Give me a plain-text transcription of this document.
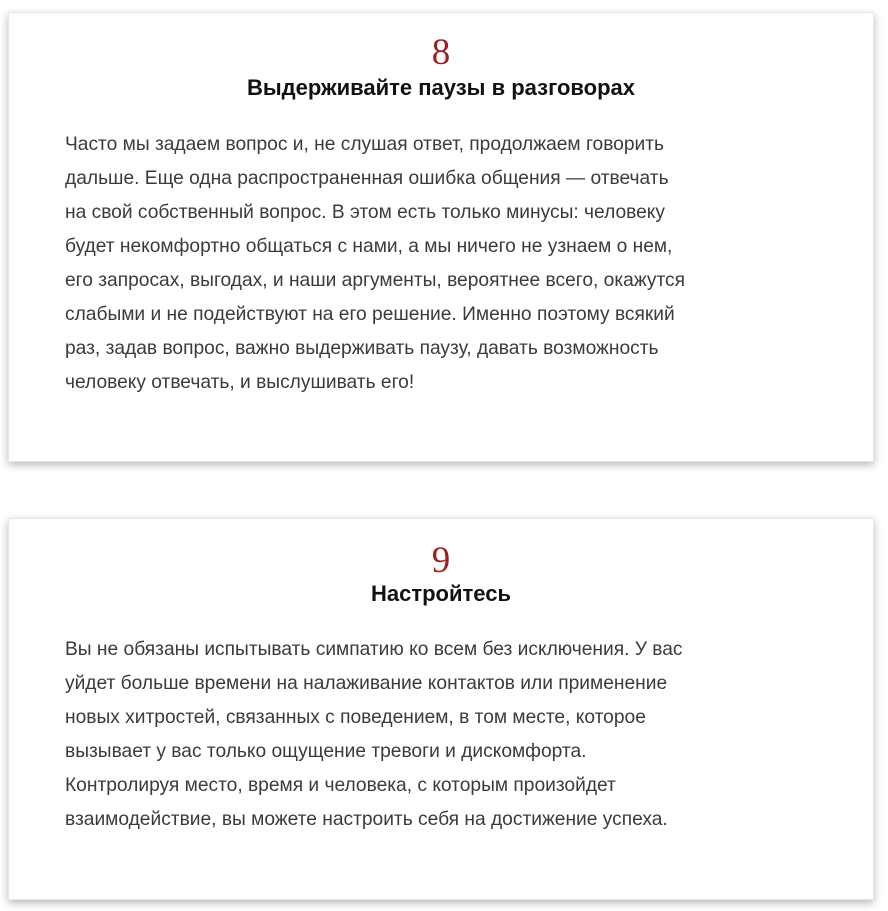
8
Выдерживайте паузы в разговорах

Часто мы задаем вопрос и, не слушая ответ, продолжаем говорить
дальше. Еще одна распространенная ошибка общения — отвечать
на свой собственный вопрос. В этом есть только минусы: человеку
будет некомфортно общаться с нами, а мы ничего не узнаем о нем,
его запросах, выгодах, и наши аргументы, вероятнее всего, окажутся
слабыми и не подействуют на его решение. Именно поэтому всякий
раз, задав вопрос, важно выдерживать паузу, давать возможность
человеку отвечать, и выслушивать его!

9
Настройтесь

Вы не обязаны испытывать симпатию ко всем без исключения. У вас
уйдет больше времени на налаживание контактов или применение
новых хитростей, связанных с поведением, в том месте, которое
вызывает у вас только ощущение тревоги и дискомфорта.
Контролируя место, время и человека, с которым произойдет
взаимодействие, вы можете настроить себя на достижение успеха.
